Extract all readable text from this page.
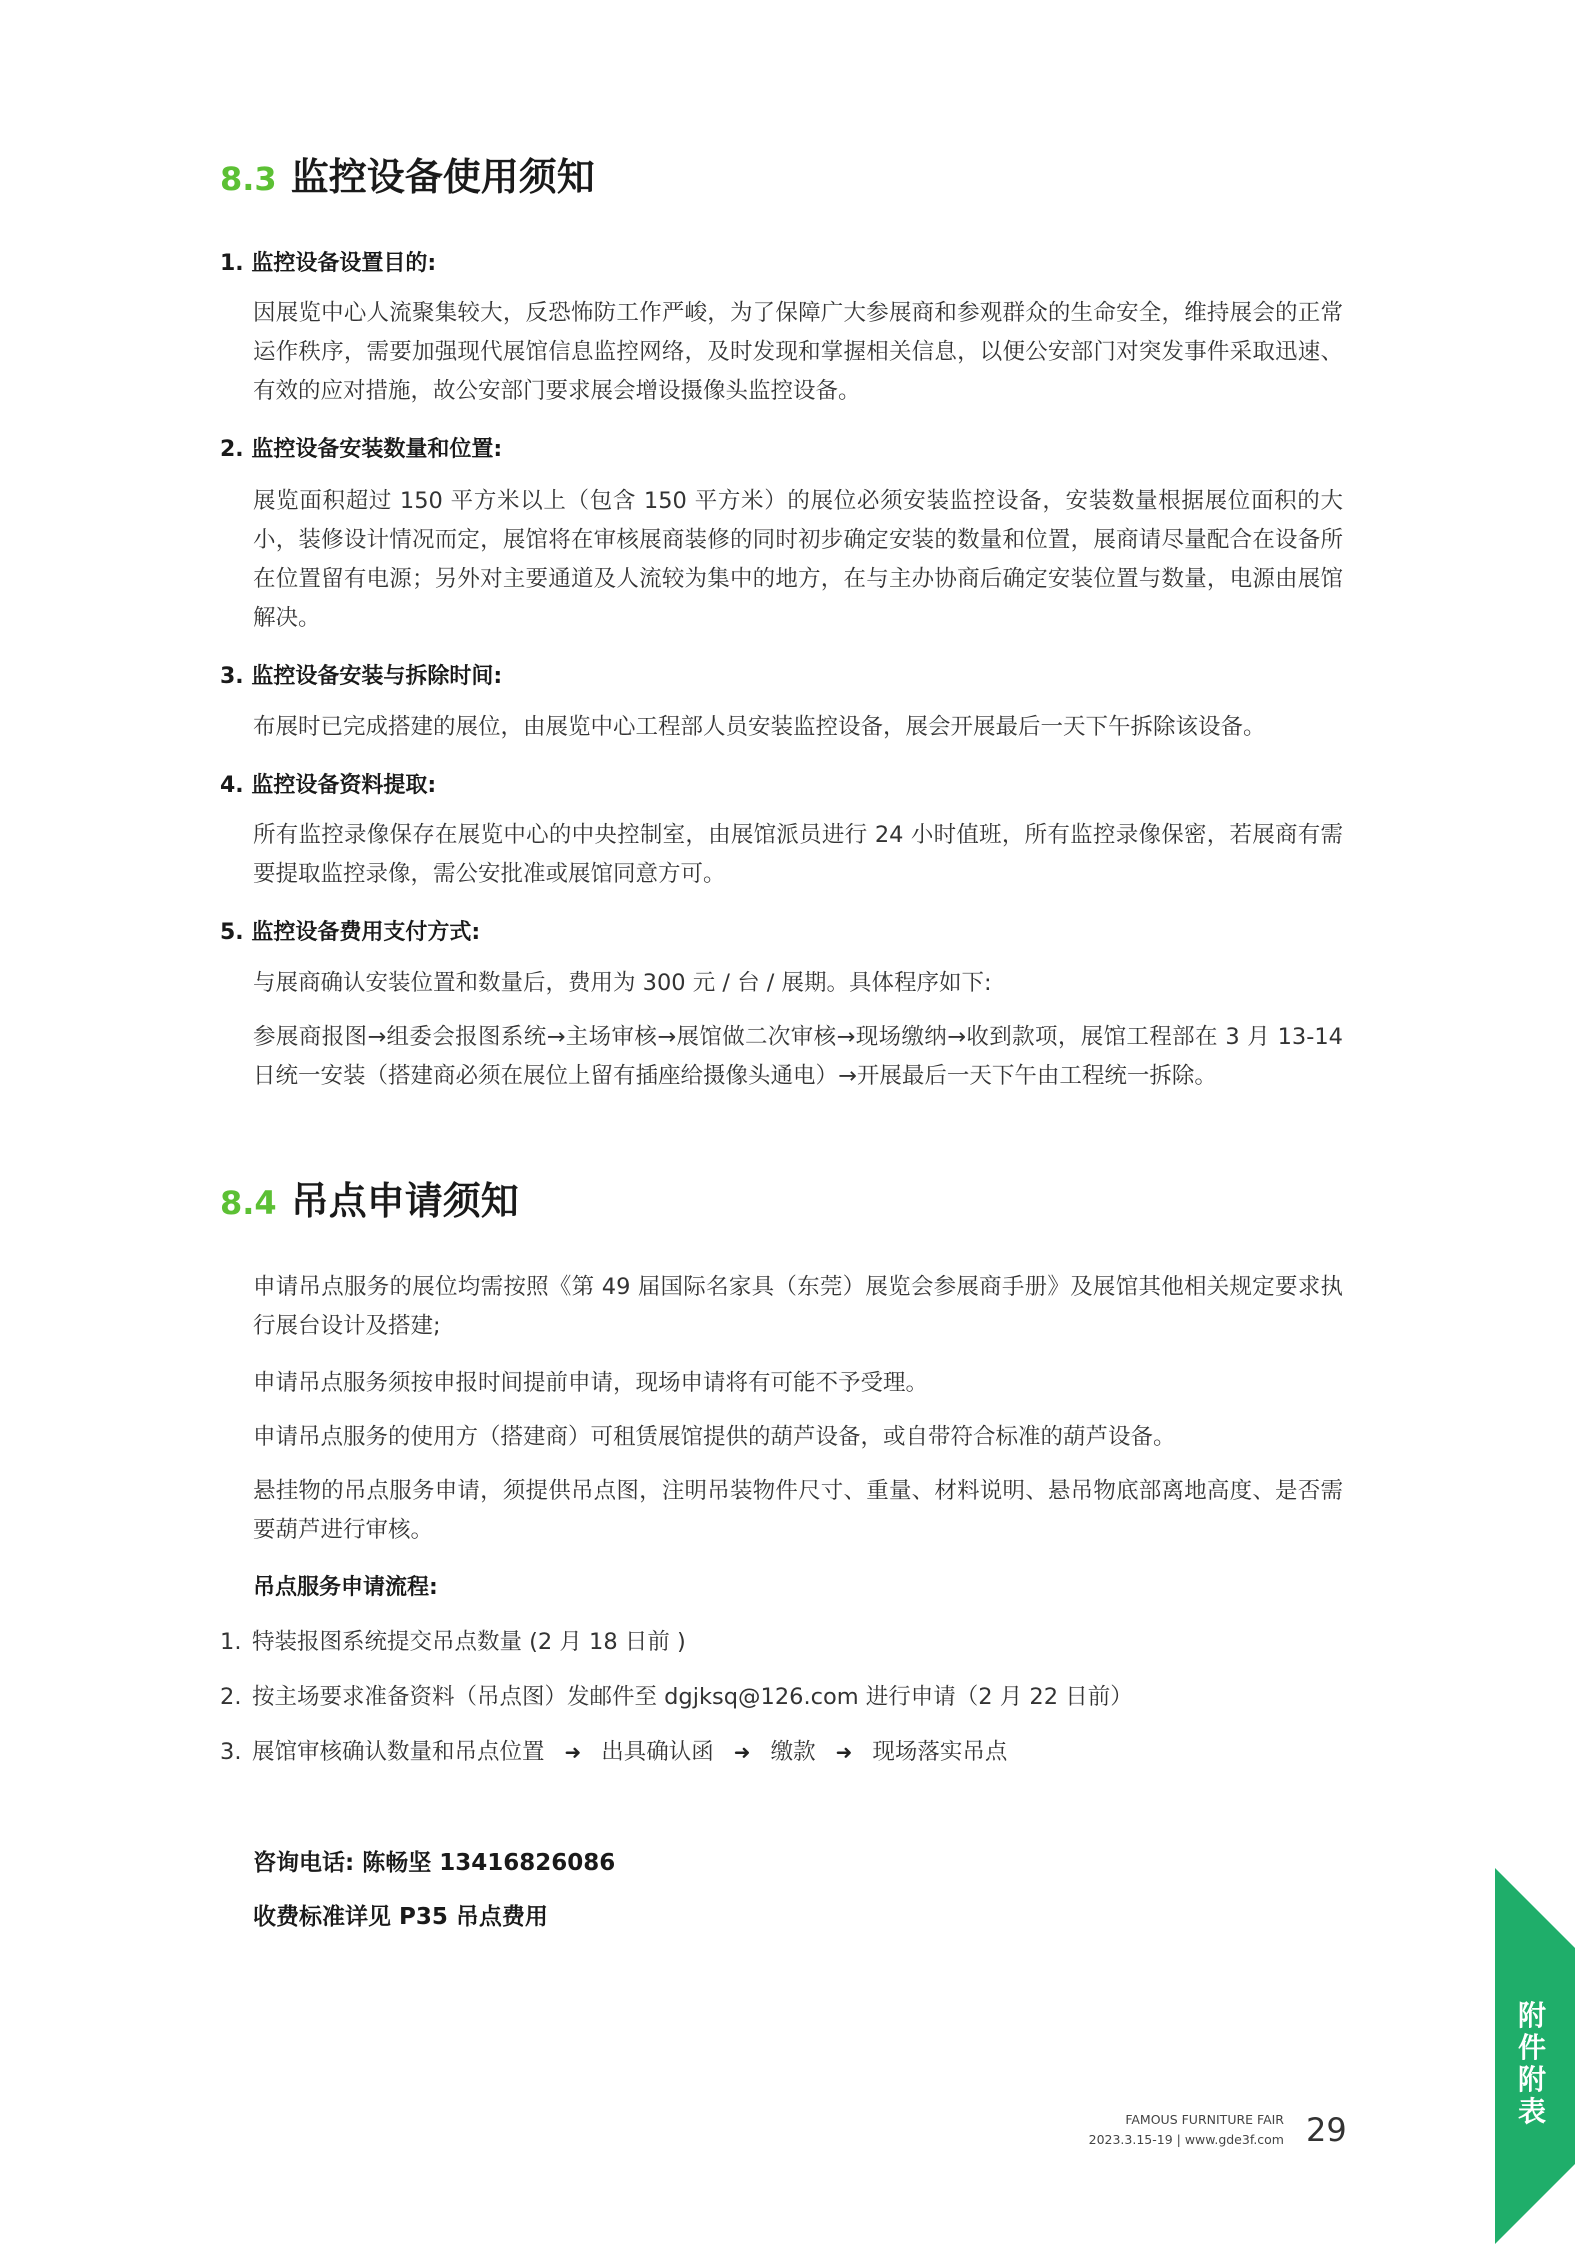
8.3 监控设备使用须知
1. 监控设备设置目的:
因展览中心人流聚集较大，反恐怖防工作严峻，为了保障广大参展商和参观群众的生命安全，维持展会的正常运作秩序，需要加强现代展馆信息监控网络，及时发现和掌握相关信息，以便公安部门对突发事件采取迅速、有效的应对措施，故公安部门要求展会增设摄像头监控设备。
2. 监控设备安装数量和位置:
展览面积超过 150 平方米以上（包含 150 平方米）的展位必须安装监控设备，安装数量根据展位面积的大小，装修设计情况而定，展馆将在审核展商装修的同时初步确定安装的数量和位置，展商请尽量配合在设备所在位置留有电源；另外对主要通道及人流较为集中的地方，在与主办协商后确定安装位置与数量，电源由展馆解决。
3. 监控设备安装与拆除时间:
布展时已完成搭建的展位，由展览中心工程部人员安装监控设备，展会开展最后一天下午拆除该设备。
4. 监控设备资料提取:
所有监控录像保存在展览中心的中央控制室，由展馆派员进行 24 小时值班，所有监控录像保密，若展商有需要提取监控录像，需公安批准或展馆同意方可。
5. 监控设备费用支付方式:
与展商确认安装位置和数量后，费用为 300 元 / 台 / 展期。具体程序如下:
参展商报图→组委会报图系统→主场审核→展馆做二次审核→现场缴纳→收到款项，展馆工程部在 3 月 13-14 日统一安装（搭建商必须在展位上留有插座给摄像头通电）→开展最后一天下午由工程统一拆除。
8.4 吊点申请须知
申请吊点服务的展位均需按照《第 49 届国际名家具（东莞）展览会参展商手册》及展馆其他相关规定要求执行展台设计及搭建;
申请吊点服务须按申报时间提前申请，现场申请将有可能不予受理。
申请吊点服务的使用方（搭建商）可租赁展馆提供的葫芦设备，或自带符合标准的葫芦设备。
悬挂物的吊点服务申请，须提供吊点图，注明吊装物件尺寸、重量、材料说明、悬吊物底部离地高度、是否需要葫芦进行审核。
吊点服务申请流程:
1. 特装报图系统提交吊点数量 (2 月 18 日前 )
2. 按主场要求准备资料（吊点图）发邮件至 dgjksq@126.com 进行申请（2 月 22 日前）
3. 展馆审核确认数量和吊点位置 ➜ 出具确认函 ➜ 缴款 ➜ 现场落实吊点
咨询电话: 陈畅坚 13416826086
收费标准详见 P35 吊点费用
FAMOUS FURNITURE FAIR
2023.3.15-19 | www.gde3f.com 29
附件附表
